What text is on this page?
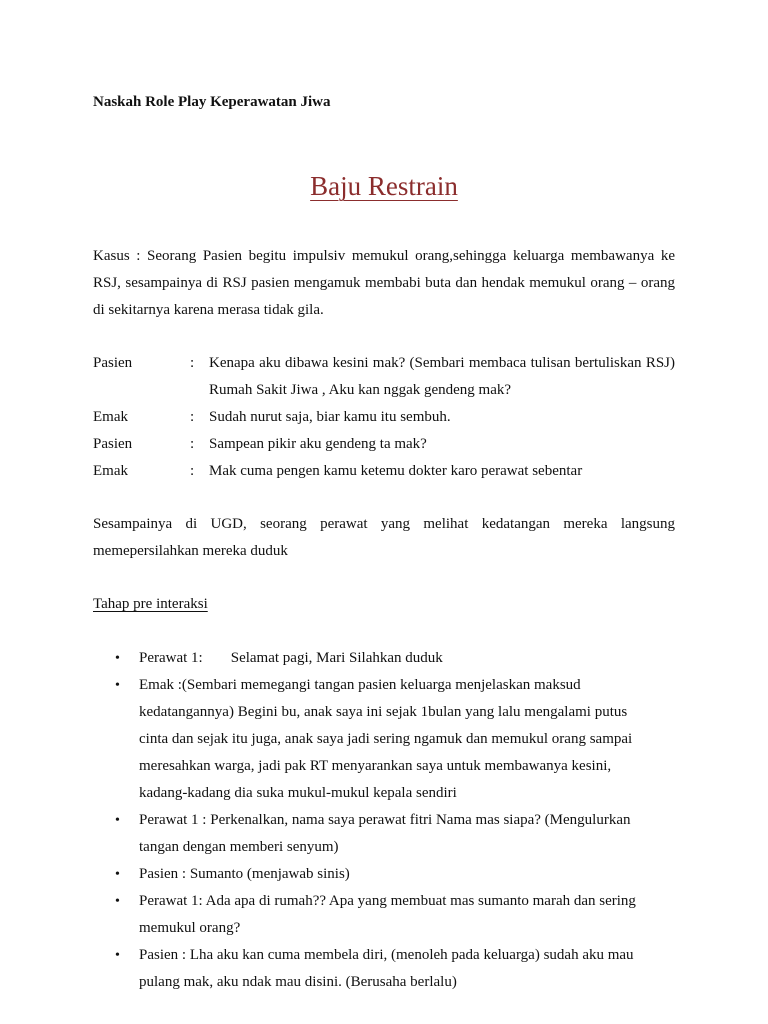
Naskah Role Play Keperawatan Jiwa
Baju Restrain
Kasus : Seorang Pasien begitu impulsiv memukul orang,sehingga keluarga membawanya ke RSJ, sesampainya di RSJ pasien mengamuk membabi buta dan hendak memukul orang – orang di sekitarnya karena merasa tidak gila.
Pasien	: Kenapa aku dibawa kesini mak? (Sembari membaca tulisan bertuliskan RSJ) Rumah Sakit Jiwa , Aku kan nggak gendeng mak?
Emak	: Sudah nurut saja, biar kamu itu sembuh.
Pasien	: Sampean pikir aku gendeng ta mak?
Emak	: Mak cuma pengen kamu ketemu dokter karo perawat sebentar
Sesampainya di UGD, seorang perawat yang melihat kedatangan mereka langsung memepersilahkan mereka duduk
Tahap pre interaksi
• Perawat 1: Selamat pagi, Mari Silahkan duduk
• Emak :(Sembari memegangi tangan pasien keluarga menjelaskan maksud kedatangannya) Begini bu, anak saya ini sejak 1bulan yang lalu mengalami putus cinta dan sejak itu juga, anak saya jadi sering ngamuk dan memukul orang sampai meresahkan warga, jadi pak RT menyarankan saya untuk membawanya kesini, kadang-kadang dia suka mukul-mukul kepala sendiri
• Perawat 1 : Perkenalkan, nama saya perawat fitri Nama mas siapa? (Mengulurkan tangan dengan memberi senyum)
• Pasien : Sumanto (menjawab sinis)
• Perawat 1: Ada apa di rumah?? Apa yang membuat mas sumanto marah dan sering memukul orang?
• Pasien : Lha aku kan cuma membela diri, (menoleh pada keluarga) sudah aku mau pulang mak, aku ndak mau disini. (Berusaha berlalu)
